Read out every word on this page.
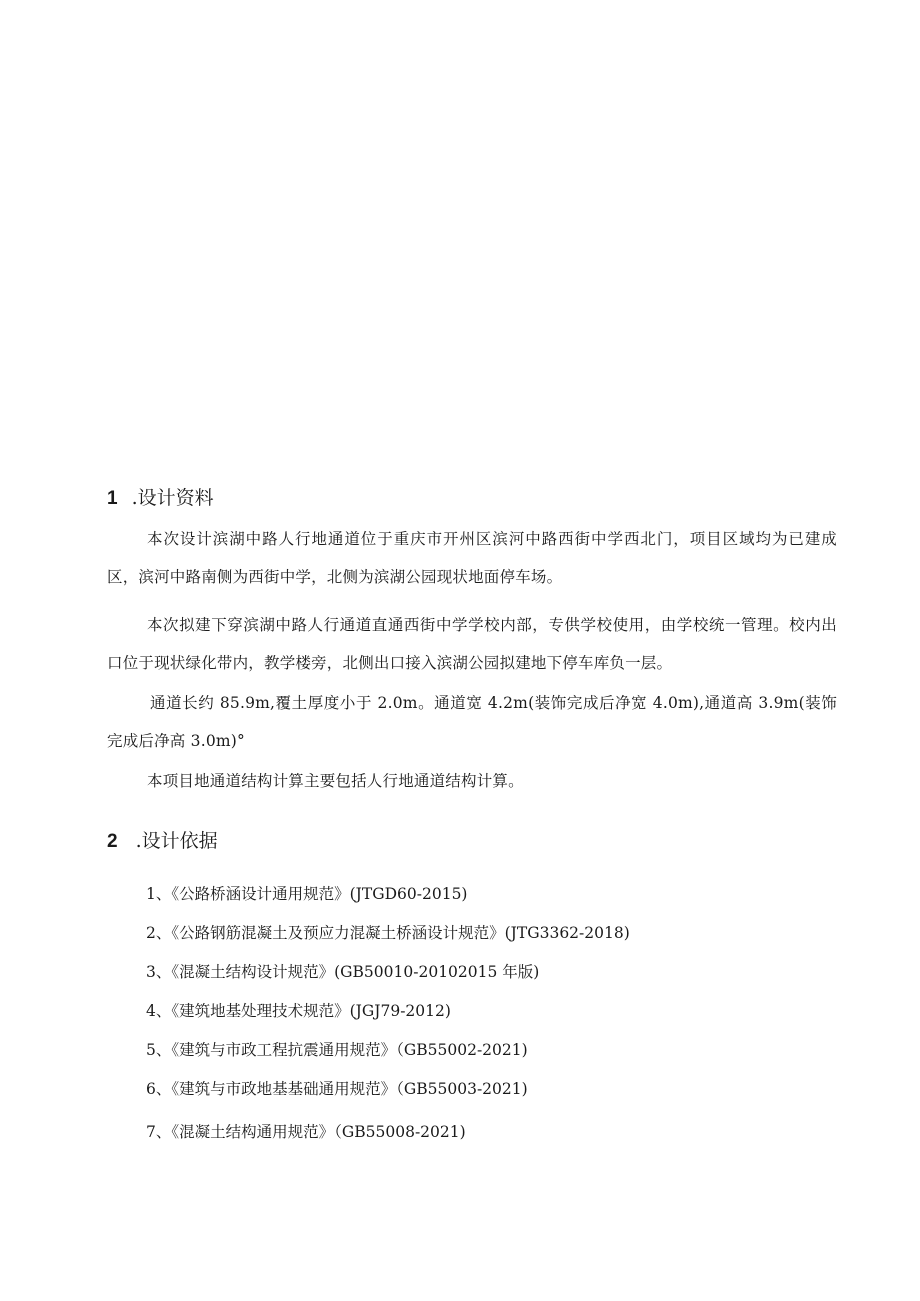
1 .设计资料

本次设计滨湖中路人行地通道位于重庆市开州区滨河中路西街中学西北门，项目区域均为已建成区，滨河中路南侧为西街中学，北侧为滨湖公园现状地面停车场。

本次拟建下穿滨湖中路人行通道直通西街中学学校内部，专供学校使用，由学校统一管理。校内出口位于现状绿化带内，教学楼旁，北侧出口接入滨湖公园拟建地下停车库负一层。

通道长约 85.9m,覆土厚度小于 2.0m。通道宽 4.2m(装饰完成后净宽 4.0m),通道高 3.9m(装饰完成后净高 3.0m)°

本项目地通道结构计算主要包括人行地通道结构计算。

2 .设计依据
1、《公路桥涵设计通用规范》(JTGD60-2015)
2、《公路钢筋混凝土及预应力混凝土桥涵设计规范》(JTG3362-2018)
3、《混凝土结构设计规范》(GB50010-20102015 年版)
4、《建筑地基处理技术规范》(JGJ79-2012)
5、《建筑与市政工程抗震通用规范》（GB55002-2021)
6、《建筑与市政地基基础通用规范》（GB55003-2021)
7、《混凝土结构通用规范》（GB55008-2021)
